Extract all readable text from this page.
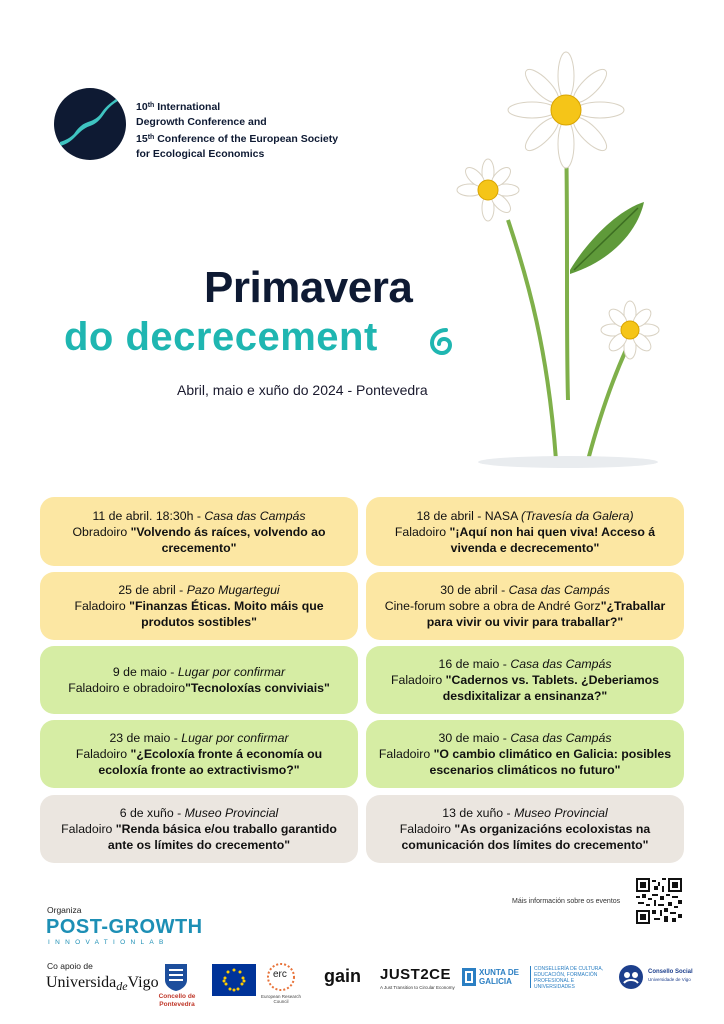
10th International
Degrowth Conference and
15th Conference of the European Society
for Ecological Economics
Primavera
do decrecement
Abril, maio e xuño do 2024 - Pontevedra
11 de abril. 18:30h - Casa das Campás
Obradoiro "Volvendo ás raíces, volvendo ao crecemento"
18 de abril - NASA (Travesía da Galera)
Faladoiro "¡Aquí non hai quen viva! Acceso á vivenda e decrecemento"
25 de abril - Pazo Mugartegui
Faladoiro "Finanzas Éticas. Moito máis que produtos sostibles"
30 de abril - Casa das Campás
Cine-forum sobre a obra de André Gorz"¿Traballar para vivir ou vivir para traballar?"
9 de maio - Lugar por confirmar
Faladoiro e obradoiro"Tecnoloxías conviviais"
16 de maio - Casa das Campás
Faladoiro "Cadernos vs. Tablets. ¿Deberiamos desdixitalizar a ensinanza?"
23 de maio - Lugar por confirmar
Faladoiro "¿Ecoloxía fronte á economía ou ecoloxía fronte ao extractivismo?"
30 de maio - Casa das Campás
Faladoiro "O cambio climático en Galicia: posibles escenarios climáticos no futuro"
6 de xuño - Museo Provincial
Faladoiro "Renda básica e/ou traballo garantido ante os límites do crecemento"
13 de xuño - Museo Provincial
Faladoiro "As organizacións ecoloxistas na comunicación dos límites do crecemento"
Organiza
POST-GROWTH
INNOVATIONLAB
Co apoio de
UniversidadeVigo
Máis información sobre os eventos
Concello de Pontevedra
erc
European Research Council
gain JUST2CE
A Just Transition to Circular Economy
XUNTA DE GALICIA
CONSELLERÍA DE CULTURA, EDUCACIÓN, FORMACIÓN PROFESIONAL E UNIVERSIDADES
Consello Social
Universidade de Vigo
